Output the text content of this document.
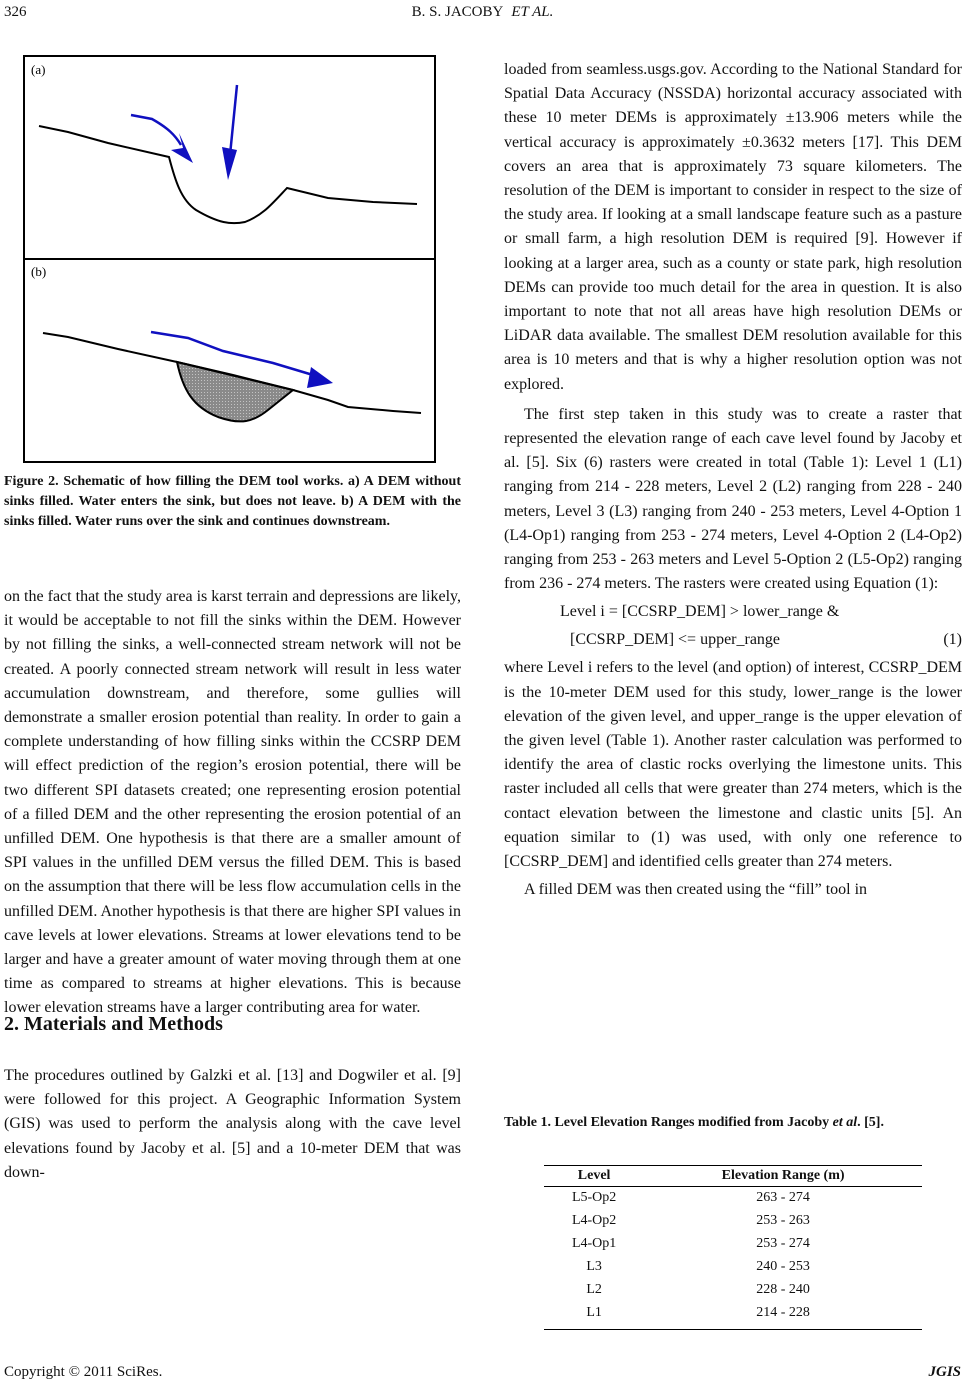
326	B. S. JACOBY ET AL.
(a)
(b)
Figure 2. Schematic of how filling the DEM tool works. a) A DEM without sinks filled. Water enters the sink, but does not leave. b) A DEM with the sinks filled. Water runs over the sink and continues downstream.

on the fact that the study area is karst terrain and depressions are likely, it would be acceptable to not fill the sinks within the DEM. However by not filling the sinks, a well-connected stream network will not be created. A poorly connected stream network will result in less water accumulation downstream, and therefore, some gullies will demonstrate a smaller erosion potential than reality. In order to gain a complete understanding of how filling sinks within the CCSRP DEM will effect prediction of the region’s erosion potential, there will be two different SPI datasets created; one representing erosion potential of a filled DEM and the other representing the erosion potential of an unfilled DEM. One hypothesis is that there are a smaller amount of SPI values in the unfilled DEM versus the filled DEM. This is based on the assumption that there will be less flow accumulation cells in the unfilled DEM. Another hypothesis is that there are higher SPI values in cave levels at lower elevations. Streams at lower elevations tend to be larger and have a greater amount of water moving through them at one time as compared to streams at higher elevations. This is because lower elevation streams have a larger contributing area for water.

2. Materials and Methods

The procedures outlined by Galzki et al. [13] and Dogwiler et al. [9] were followed for this project. A Geographic Information System (GIS) was used to perform the analysis along with the cave level elevations found by Jacoby et al. [5] and a 10-meter DEM that was down-

loaded from seamless.usgs.gov. According to the National Standard for Spatial Data Accuracy (NSSDA) horizontal accuracy associated with these 10 meter DEMs is approximately ±13.906 meters while the vertical accuracy is approximately ±0.3632 meters [17]. This DEM covers an area that is approximately 73 square kilometers. The resolution of the DEM is important to consider in respect to the size of the study area. If looking at a small landscape feature such as a pasture or small farm, a high resolution DEM is required [9]. However if looking at a larger area, such as a county or state park, high resolution DEMs can provide too much detail for the area in question. It is also important to note that not all areas have high resolution DEMs or LiDAR data available. The smallest DEM resolution available for this area is 10 meters and that is why a higher resolution option was not explored.

The first step taken in this study was to create a raster that represented the elevation range of each cave level found by Jacoby et al. [5]. Six (6) rasters were created in total (Table 1): Level 1 (L1) ranging from 214 - 228 meters, Level 2 (L2) ranging from 228 - 240 meters, Level 3 (L3) ranging from 240 - 253 meters, Level 4-Option 1 (L4-Op1) ranging from 253 - 274 meters, Level 4-Option 2 (L4-Op2) ranging from 253 - 263 meters and Level 5-Option 2 (L5-Op2) ranging from 236 - 274 meters. The rasters were created using Equation (1):

Level i = [CCSRP_DEM] > lower_range &
[CCSRP_DEM] <= upper_range	(1)

where Level i refers to the level (and option) of interest, CCSRP_DEM is the 10-meter DEM used for this study, lower_range is the lower elevation of the given level, and upper_range is the upper elevation of the given level (Table 1). Another raster calculation was performed to identify the area of clastic rocks overlying the limestone units. This raster included all cells that were greater than 274 meters, which is the contact elevation between the limestone and clastic units [5]. An equation similar to (1) was used, with only one reference to [CCSRP_DEM] and identified cells greater than 274 meters.

A filled DEM was then created using the “fill” tool in

Table 1. Level Elevation Ranges modified from Jacoby et al. [5].
Level	Elevation Range (m)
L5-Op2	263 - 274
L4-Op2	253 - 263
L4-Op1	253 - 274
L3	240 - 253
L2	228 - 240
L1	214 - 228
Copyright © 2011 SciRes.	JGIS
